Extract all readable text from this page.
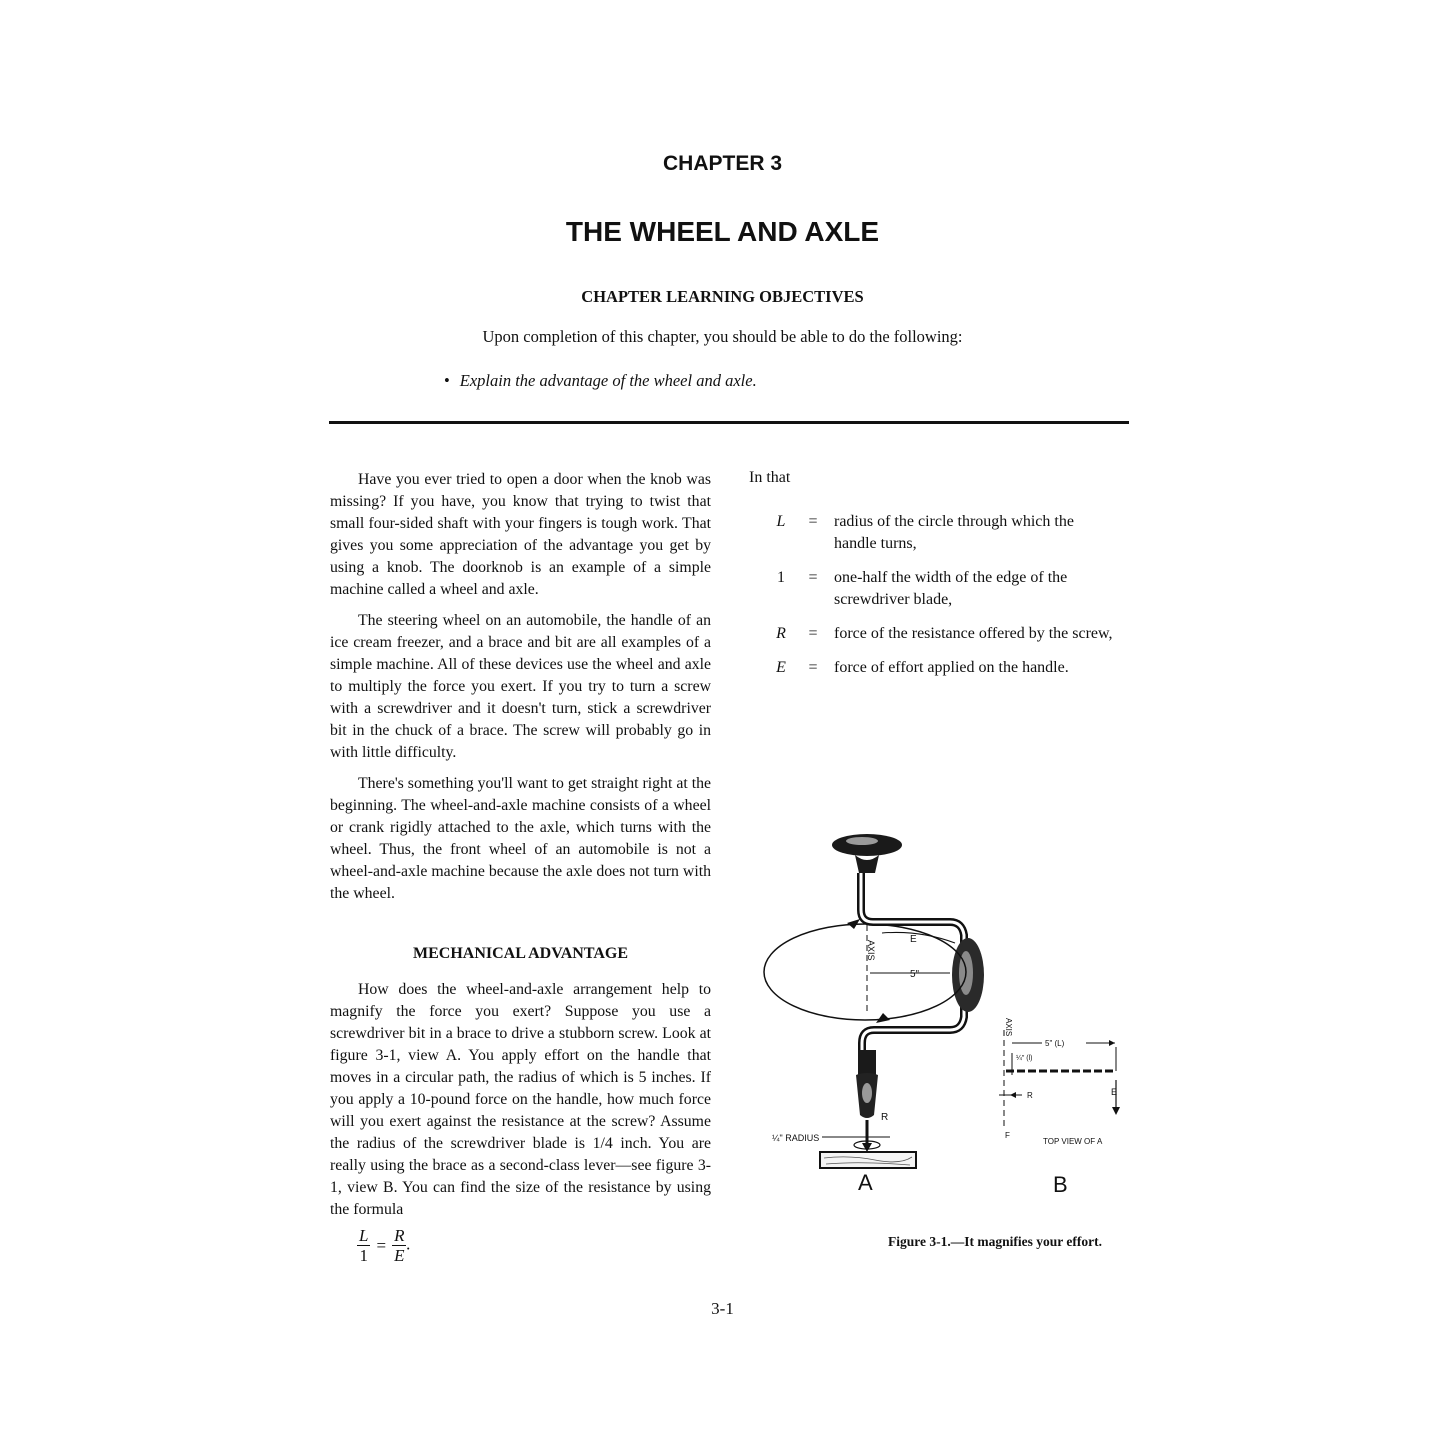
CHAPTER 3
THE WHEEL AND AXLE
CHAPTER LEARNING OBJECTIVES
Upon completion of this chapter, you should be able to do the following:
• Explain the advantage of the wheel and axle.

Have you ever tried to open a door when the knob was missing? If you have, you know that trying to twist that small four-sided shaft with your fingers is tough work. That gives you some appreciation of the advantage you get by using a knob. The doorknob is an example of a simple machine called a wheel and axle.

The steering wheel on an automobile, the handle of an ice cream freezer, and a brace and bit are all examples of a simple machine. All of these devices use the wheel and axle to multiply the force you exert. If you try to turn a screw with a screwdriver and it doesn't turn, stick a screwdriver bit in the chuck of a brace. The screw will probably go in with little difficulty.

There's something you'll want to get straight right at the beginning. The wheel-and-axle machine consists of a wheel or crank rigidly attached to the axle, which turns with the wheel. Thus, the front wheel of an automobile is not a wheel-and-axle machine because the axle does not turn with the wheel.

MECHANICAL ADVANTAGE

How does the wheel-and-axle arrangement help to magnify the force you exert? Suppose you use a screwdriver bit in a brace to drive a stubborn screw. Look at figure 3-1, view A. You apply effort on the handle that moves in a circular path, the radius of which is 5 inches. If you apply a 10-pound force on the handle, how much force will you exert against the resistance at the screw? Assume the radius of the screwdriver blade is 1/4 inch. You are really using the brace as a second-class lever—see figure 3-1, view B. You can find the size of the resistance by using the formula

$\frac{L}{1} = \frac{R}{E}$ .
In that
L	=	radius of the circle through which the handle turns,
1	=	one-half the width of the edge of the screwdriver blade,
R	=	force of the resistance offered by the screw,
E	=	force of effort applied on the handle.
AXIS
E
5"
R
¼" RADIUS
A	B
AXIS
5" (L)
¼" (l)
R	E
F
TOP VIEW OF A
Figure 3-1.—It magnifies your effort.
3-1
